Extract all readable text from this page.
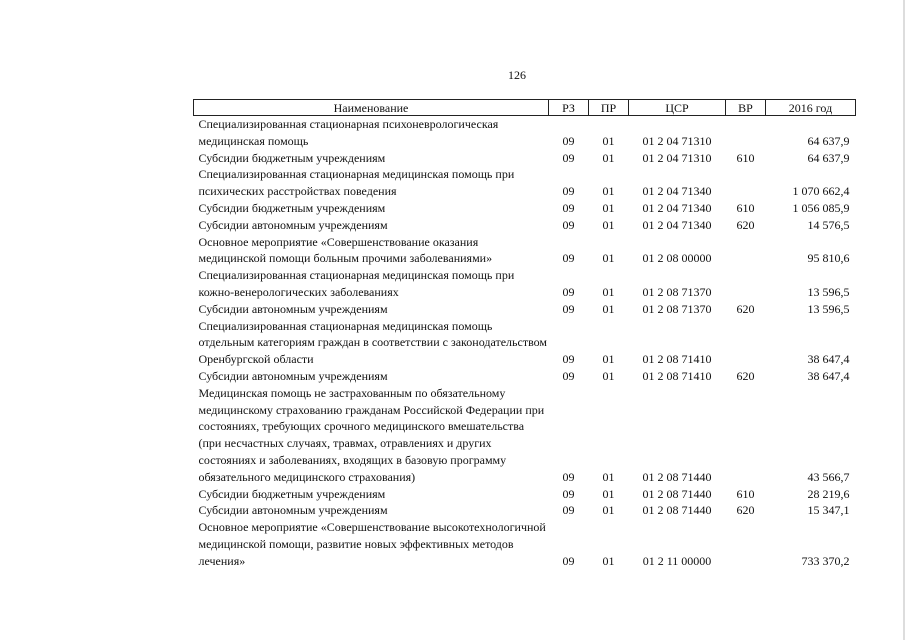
126
Наименование	РЗ	ПР	ЦСР	ВР	2016 год
Специализированная стационарная психоневрологическая медицинская помощь	09	01	01 2 04 71310		64 637,9
Субсидии бюджетным учреждениям	09	01	01 2 04 71310	610	64 637,9
Специализированная стационарная медицинская помощь при психических расстройствах поведения	09	01	01 2 04 71340		1 070 662,4
Субсидии бюджетным учреждениям	09	01	01 2 04 71340	610	1 056 085,9
Субсидии автономным учреждениям	09	01	01 2 04 71340	620	14 576,5
Основное мероприятие «Совершенствование оказания медицинской помощи больным прочими заболеваниями»	09	01	01 2 08 00000		95 810,6
Специализированная стационарная медицинская помощь при кожно-венерологических заболеваниях	09	01	01 2 08 71370		13 596,5
Субсидии автономным учреждениям	09	01	01 2 08 71370	620	13 596,5
Специализированная стационарная медицинская помощь отдельным категориям граждан в соответствии с законодательством Оренбургской области	09	01	01 2 08 71410		38 647,4
Субсидии автономным учреждениям	09	01	01 2 08 71410	620	38 647,4
Медицинская помощь не застрахованным по обязательному медицинскому страхованию гражданам Российской Федерации при состояниях, требующих срочного медицинского вмешательства (при несчастных случаях, травмах, отравлениях и других состояниях и заболеваниях, входящих в базовую программу обязательного медицинского страхования)	09	01	01 2 08 71440		43 566,7
Субсидии бюджетным учреждениям	09	01	01 2 08 71440	610	28 219,6
Субсидии автономным учреждениям	09	01	01 2 08 71440	620	15 347,1
Основное мероприятие «Совершенствование высокотехнологичной медицинской помощи, развитие новых эффективных методов лечения»	09	01	01 2 11 00000		733 370,2
